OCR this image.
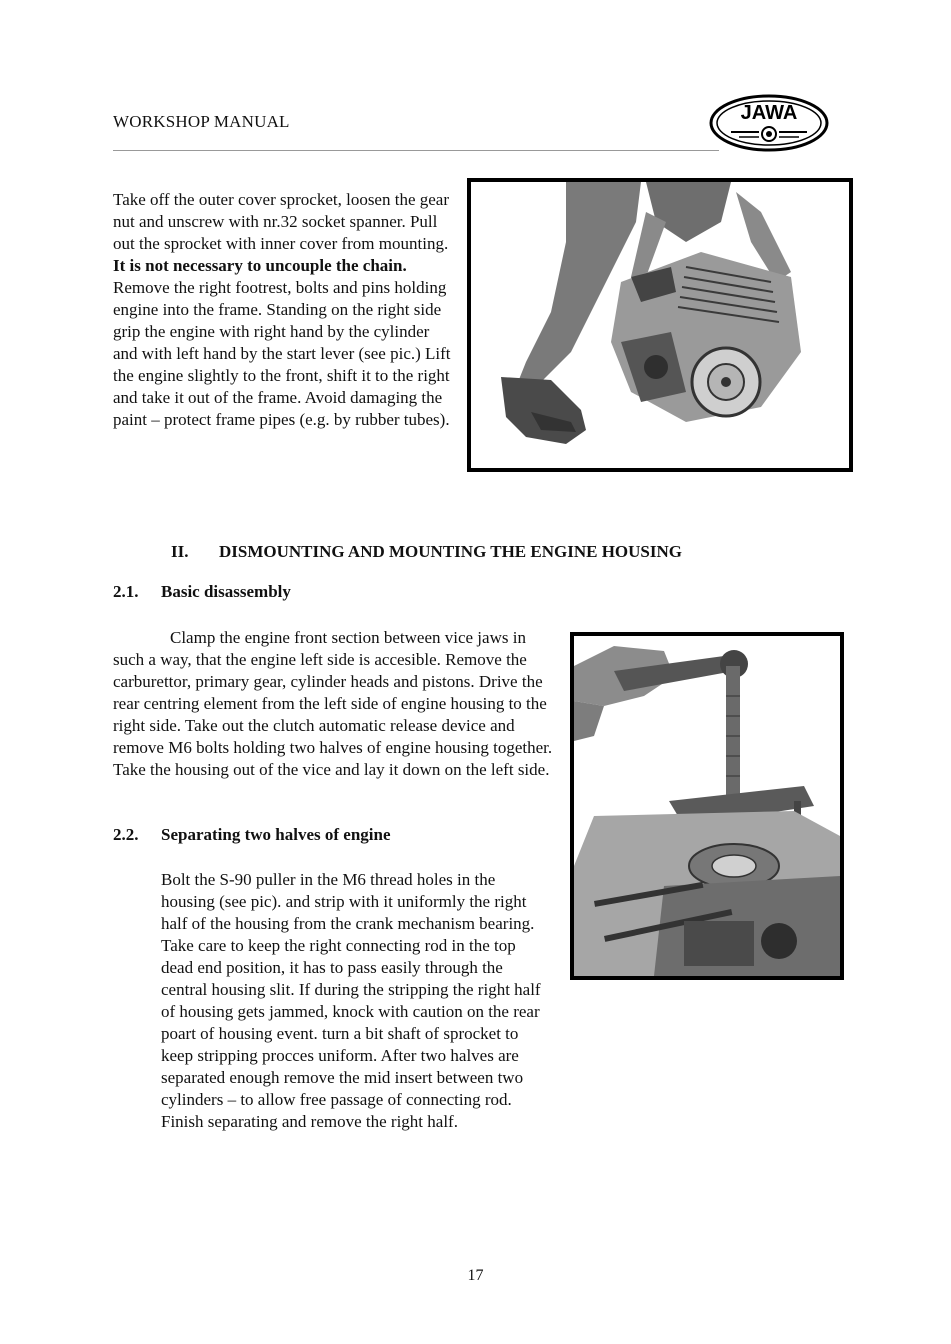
WORKSHOP MANUAL	JAWA
Take off the outer cover sprocket, loosen the gear nut and unscrew with nr.32 socket spanner. Pull out the sprocket with inner cover from mounting.
It is not necessary to uncouple the chain.
Remove the right footrest, bolts and pins holding engine into the frame. Standing on the right side grip the engine with right hand by the cylinder and with left hand by the start lever (see pic.) Lift the engine slightly to the front, shift it to the right and take it out of the frame. Avoid damaging the paint – protect frame pipes (e.g. by rubber tubes).
II. DISMOUNTING AND MOUNTING THE ENGINE HOUSING
2.1. Basic disassembly
Clamp the engine front section between vice jaws in such a way, that the engine left side is accesible. Remove the carburettor, primary gear, cylinder heads and pistons. Drive the rear centring element from the left side of engine housing to the right side. Take out the clutch automatic release device and remove M6 bolts holding two halves of engine housing together. Take the housing out of the vice and lay it down on the left side.
2.2. Separating two halves of engine
Bolt the S-90 puller in the M6 thread holes in the housing (see pic). and strip with it uniformly the right half of the housing from the crank mechanism bearing. Take care to keep the right connecting rod in the top dead end position, it has to pass easily through the central housing slit. If during the stripping the right half of housing gets jammed, knock with caution on the rear poart of housing event. turn a bit shaft of sprocket to keep stripping procces uniform. After two halves are separated enough remove the mid insert between two cylinders – to allow free passage of connecting rod. Finish separating and remove the right half.
17
